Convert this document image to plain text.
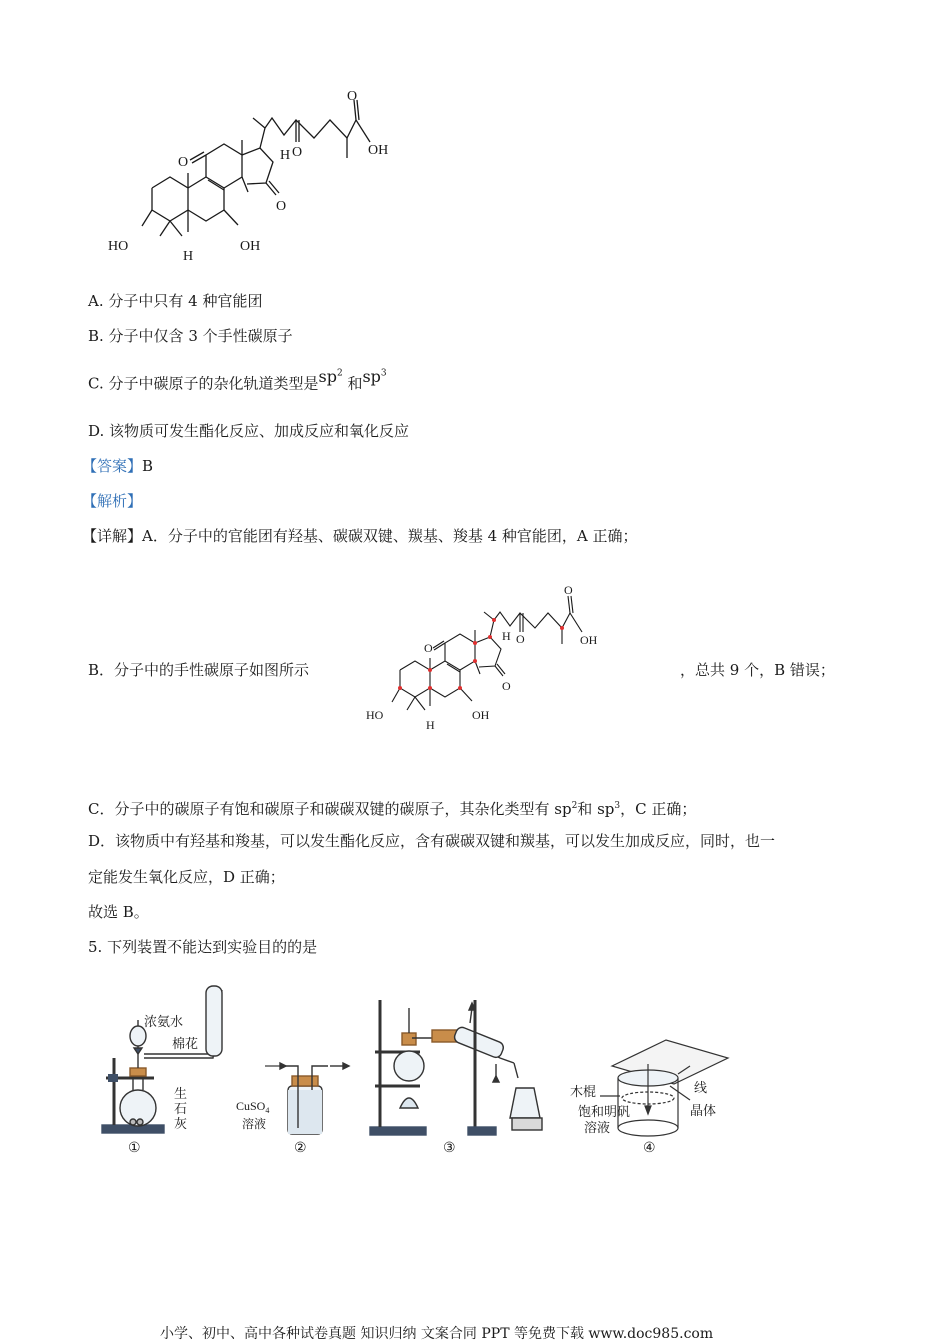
O
OH
O	H O
O
HO
H
OH
A. 分子中只有 4 种官能团
B. 分子中仅含 3 个手性碳原子
C. 分子中碳原子的杂化轨道类型是$sp^2$ 和$sp^3$
D. 该物质可发生酯化反应、加成反应和氧化反应
【答案】B
【解析】
【详解】A．分子中的官能团有羟基、碳碳双键、羰基、羧基 4 种官能团，A 正确；
B．分子中的手性碳原子如图所示
O
OH
O
H O
O
HO
H
OH
，总共 9 个，B 错误；
C．分子中的碳原子有饱和碳原子和碳碳双键的碳原子，其杂化类型有 $sp^2$和 $sp^3$，C 正确；
D．该物质中有羟基和羧基，可以发生酯化反应，含有碳碳双键和羰基，可以发生加成反应，同时，也一
定能发生氧化反应，D 正确；
故选 B。
5. 下列装置不能达到实验目的的是
浓氨水
棉花
生
石
灰
①
CuSO$_4$
溶液
②	③
木棍	线
饱和明矾
溶液
晶体
④
小学、初中、高中各种试卷真题 知识归纳 文案合同 PPT 等免费下载 www.doc985.com
